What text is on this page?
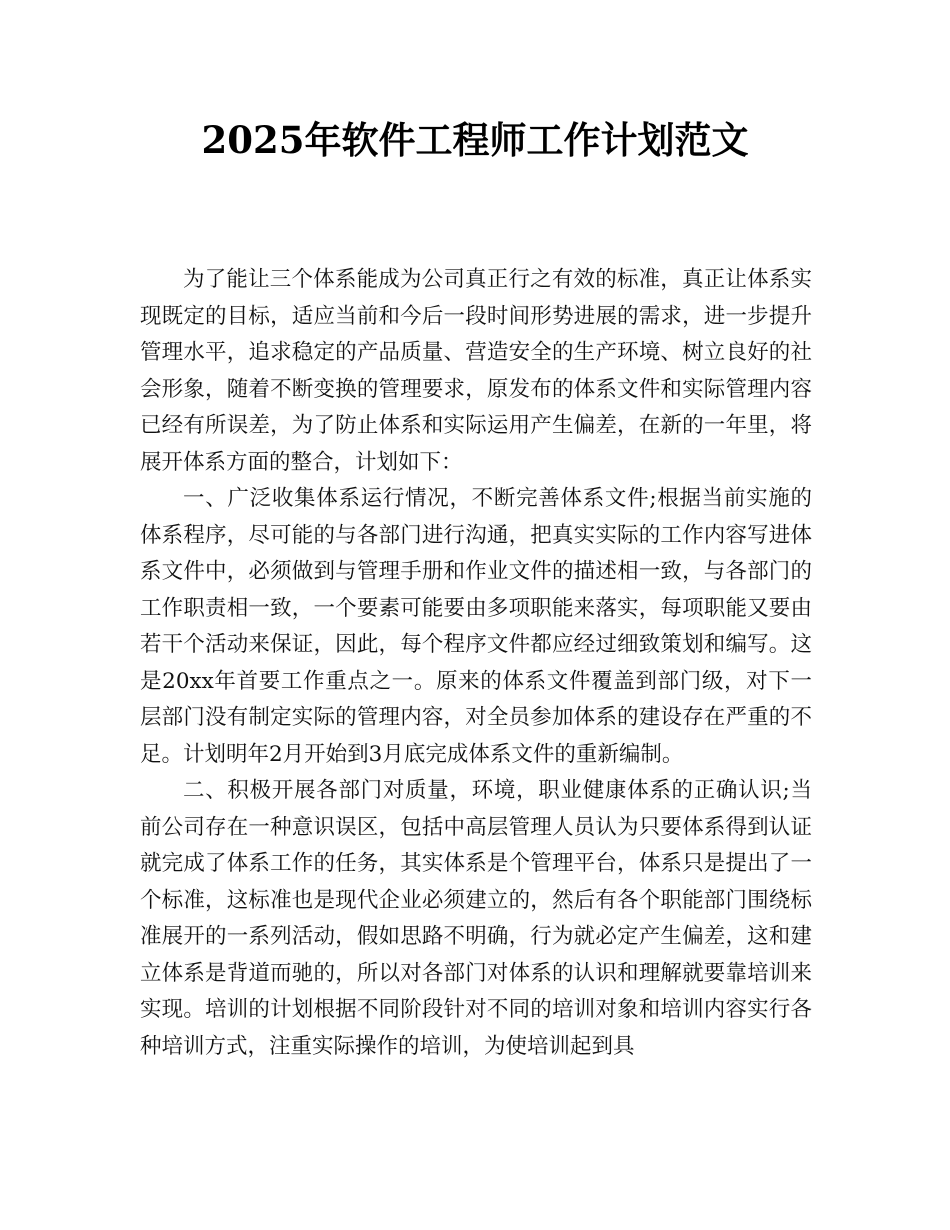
2025年软件工程师工作计划范文

为了能让三个体系能成为公司真正行之有效的标准，真正让体系实现既定的目标，适应当前和今后一段时间形势进展的需求，进一步提升管理水平，追求稳定的产品质量、营造安全的生产环境、树立良好的社会形象，随着不断变换的管理要求，原发布的体系文件和实际管理内容已经有所误差，为了防止体系和实际运用产生偏差，在新的一年里，将展开体系方面的整合，计划如下：

一、广泛收集体系运行情况，不断完善体系文件;根据当前实施的体系程序，尽可能的与各部门进行沟通，把真实实际的工作内容写进体系文件中，必须做到与管理手册和作业文件的描述相一致，与各部门的工作职责相一致，一个要素可能要由多项职能来落实，每项职能又要由若干个活动来保证，因此，每个程序文件都应经过细致策划和编写。这是20xx年首要工作重点之一。原来的体系文件覆盖到部门级，对下一层部门没有制定实际的管理内容，对全员参加体系的建设存在严重的不足。计划明年2月开始到3月底完成体系文件的重新编制。

二、积极开展各部门对质量，环境，职业健康体系的正确认识;当前公司存在一种意识误区，包括中高层管理人员认为只要体系得到认证就完成了体系工作的任务，其实体系是个管理平台，体系只是提出了一个标准，这标准也是现代企业必须建立的，然后有各个职能部门围绕标准展开的一系列活动，假如思路不明确，行为就必定产生偏差，这和建立体系是背道而驰的，所以对各部门对体系的认识和理解就要靠培训来实现。培训的计划根据不同阶段针对不同的培训对象和培训内容实行各种培训方式，注重实际操作的培训，为使培训起到具
